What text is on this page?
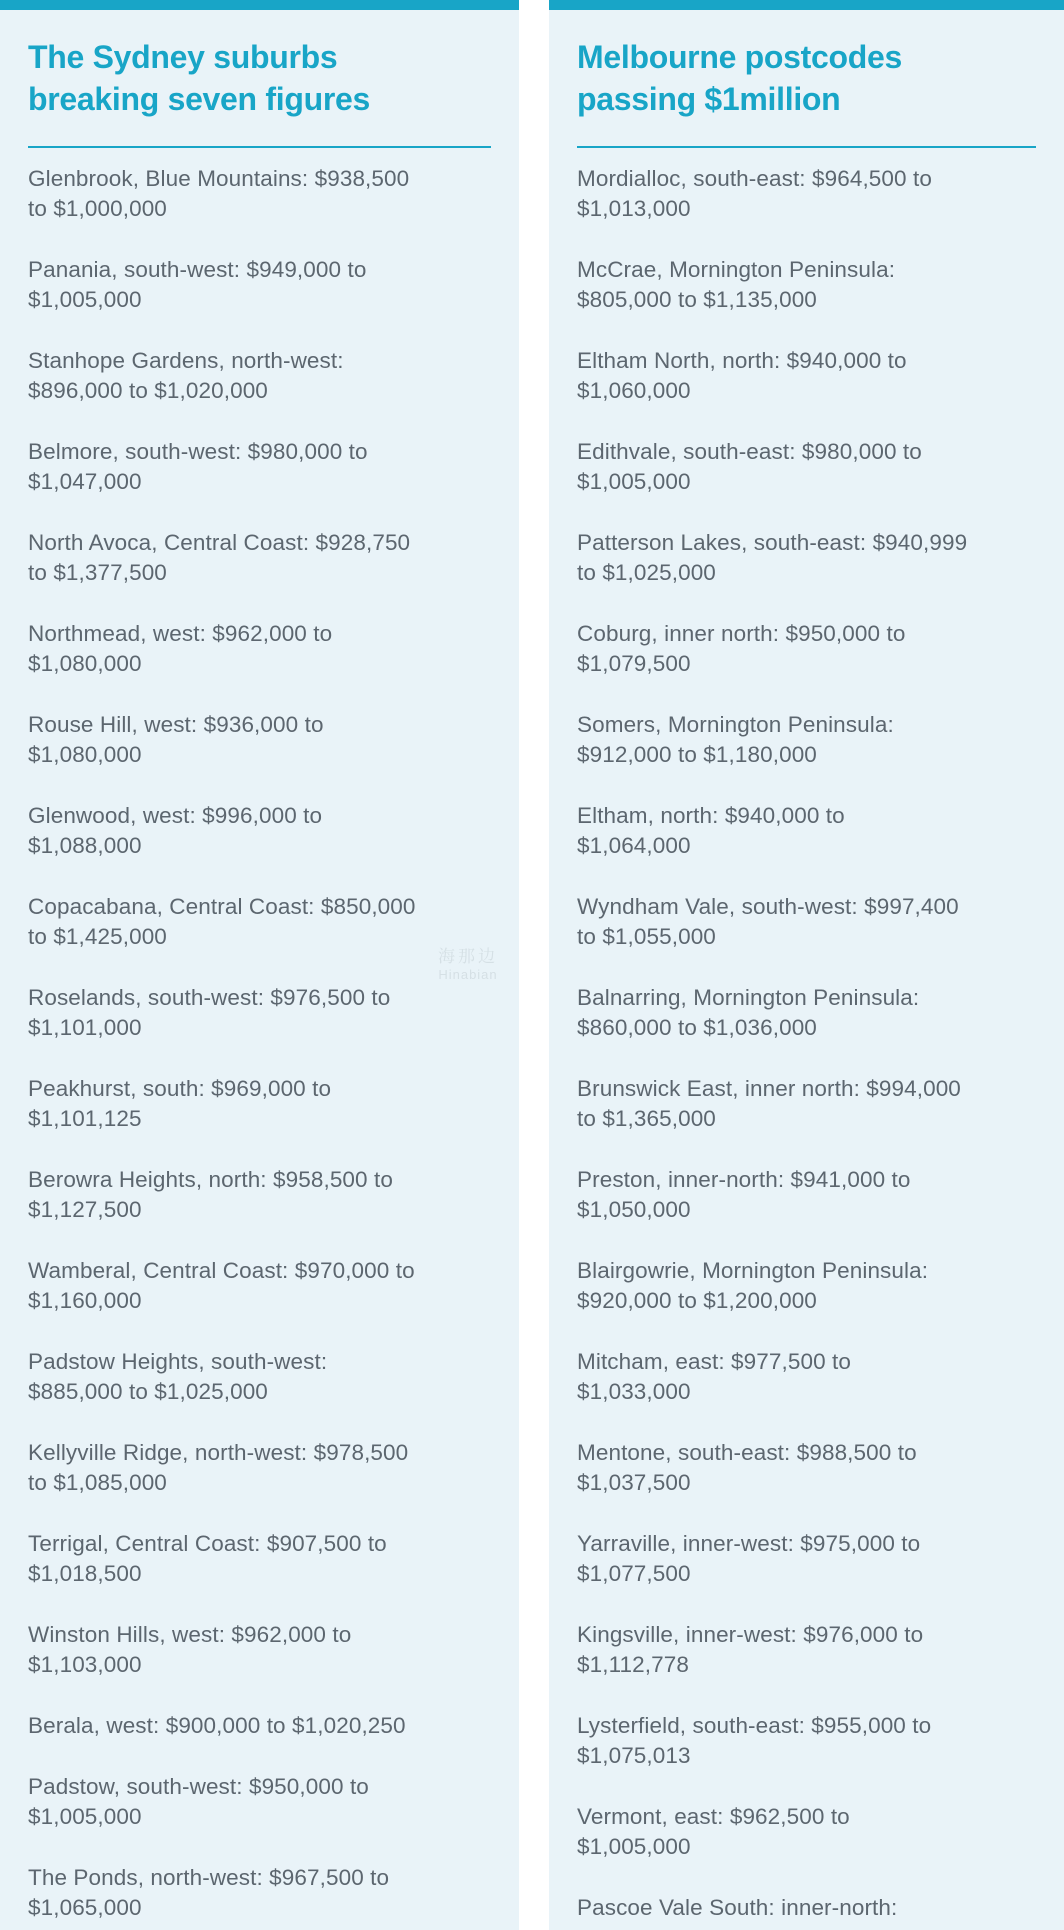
The Sydney suburbs
breaking seven figures
Glenbrook, Blue Mountains: $938,500
to $1,000,000
Panania, south-west: $949,000 to
$1,005,000
Stanhope Gardens, north-west:
$896,000 to $1,020,000
Belmore, south-west: $980,000 to
$1,047,000
North Avoca, Central Coast: $928,750
to $1,377,500
Northmead, west: $962,000 to
$1,080,000
Rouse Hill, west: $936,000 to
$1,080,000
Glenwood, west: $996,000 to
$1,088,000
Copacabana, Central Coast: $850,000
to $1,425,000
Roselands, south-west: $976,500 to
$1,101,000
Peakhurst, south: $969,000 to
$1,101,125
Berowra Heights, north: $958,500 to
$1,127,500
Wamberal, Central Coast: $970,000 to
$1,160,000
Padstow Heights, south-west:
$885,000 to $1,025,000
Kellyville Ridge, north-west: $978,500
to $1,085,000
Terrigal, Central Coast: $907,500 to
$1,018,500
Winston Hills, west: $962,000 to
$1,103,000
Berala, west: $900,000 to $1,020,250
Padstow, south-west: $950,000 to
$1,005,000
The Ponds, north-west: $967,500 to
$1,065,000
Melbourne postcodes
passing $1million
Mordialloc, south-east: $964,500 to
$1,013,000
McCrae, Mornington Peninsula:
$805,000 to $1,135,000
Eltham North, north: $940,000 to
$1,060,000
Edithvale, south-east: $980,000 to
$1,005,000
Patterson Lakes, south-east: $940,999
to $1,025,000
Coburg, inner north: $950,000 to
$1,079,500
Somers, Mornington Peninsula:
$912,000 to $1,180,000
Eltham, north: $940,000 to
$1,064,000
Wyndham Vale, south-west: $997,400
to $1,055,000
Balnarring, Mornington Peninsula:
$860,000 to $1,036,000
Brunswick East, inner north: $994,000
to $1,365,000
Preston, inner-north: $941,000 to
$1,050,000
Blairgowrie, Mornington Peninsula:
$920,000 to $1,200,000
Mitcham, east: $977,500 to
$1,033,000
Mentone, south-east: $988,500 to
$1,037,500
Yarraville, inner-west: $975,000 to
$1,077,500
Kingsville, inner-west: $976,000 to
$1,112,778
Lysterfield, south-east: $955,000 to
$1,075,013
Vermont, east: $962,500 to
$1,005,000
Pascoe Vale South: inner-north:
